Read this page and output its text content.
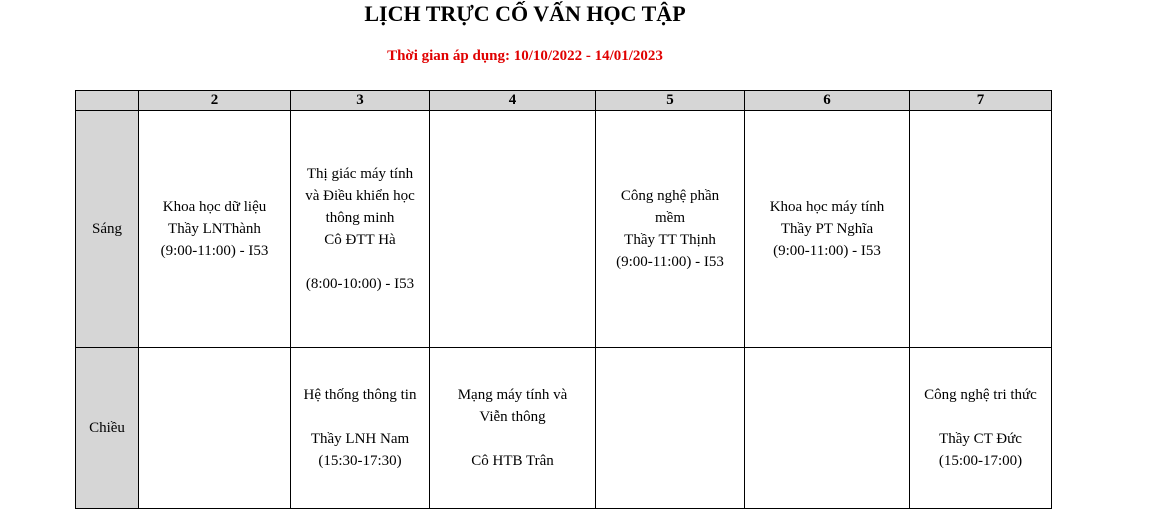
LỊCH TRỰC CỐ VẤN HỌC TẬP
Thời gian áp dụng: 10/10/2022 - 14/01/2023
	2	3	4	5	6	7
Sáng	Khoa học dữ liệu
Thầy LNThành
(9:00-11:00) - I53	Thị giác máy tính
và Điều khiển học
thông minh
Cô ĐTT Hà

(8:00-10:00) - I53		Công nghệ phần
mềm
Thầy TT Thịnh
(9:00-11:00) - I53	Khoa học máy tính
Thầy PT Nghĩa
(9:00-11:00) - I53	
Chiều		Hệ thống thông tin

Thầy LNH Nam
(15:30-17:30)	Mạng máy tính và
Viễn thông

Cô HTB Trân			Công nghệ tri thức

Thầy CT Đức
(15:00-17:00)
